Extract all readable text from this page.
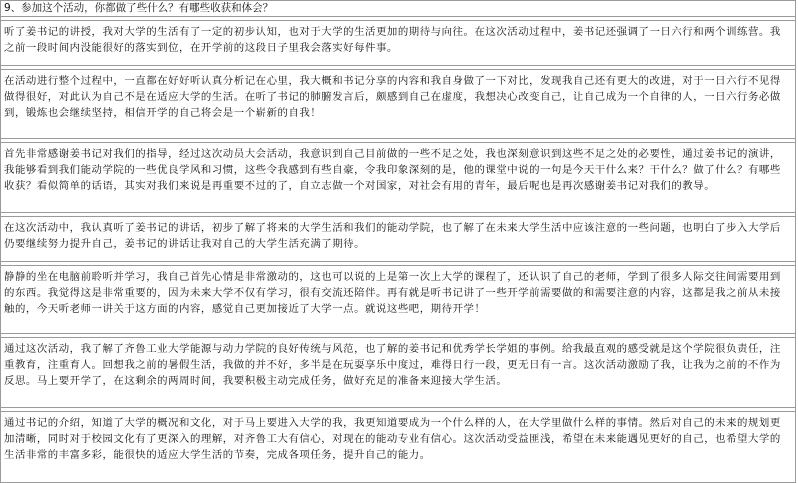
9、参加这个活动，你都做了些什么？有哪些收获和体会？
听了姜书记的讲授，我对大学的生活有了一定的初步认知，也对于大学的生活更加的期待与向往。在这次活动过程中，姜书记还强调了一日六行和两个训练营。我之前一段时间内没能很好的落实到位，在开学前的这段日子里我会落实好每件事。
在活动进行整个过程中，一直都在好好听认真分析记在心里，我大概和书记分享的内容和我自身做了一下对比，发现我自己还有更大的改进，对于一日六行不见得做得很好，对此认为自己不是在适应大学的生活。在听了书记的肺腑发言后，颇感到自己在虚度，我想决心改变自己，让自己成为一个自律的人，一日六行务必做到，锻炼也会继续坚持，相信开学的自己将会是一个崭新的自我！
首先非常感谢姜书记对我们的指导，经过这次动员大会活动，我意识到自己目前做的一些不足之处，我也深刻意识到这些不足之处的必要性，通过姜书记的演讲，我能够看到我们能动学院的一些优良学风和习惯，这些令我感到有些自豪，令我印象深刻的是，他的课堂中说的一句是今天干什么来？干什么？做了什么？有哪些收获？看似简单的话语，其实对我们来说是再重要不过的了，自立志做一个对国家，对社会有用的青年，最后呢也是再次感谢姜书记对我们的教导。
在这次活动中，我认真听了姜书记的讲话，初步了解了将来的大学生活和我们的能动学院，也了解了在未来大学生活中应该注意的一些问题，也明白了步入大学后仍要继续努力提升自己，姜书记的讲话让我对自己的大学生活充满了期待。
静静的坐在电脑前聆听并学习，我自己首先心情是非常激动的，这也可以说的上是第一次上大学的课程了，还认识了自己的老师，学到了很多人际交往间需要用到的东西。我觉得这是非常重要的，因为未来大学不仅有学习，很有交流还陪伴。再有就是听书记讲了一些开学前需要做的和需要注意的内容，这都是我之前从未接触的，今天听老师一讲关于这方面的内容，感觉自己更加接近了大学一点。就说这些吧，期待开学！
通过这次活动，我了解了齐鲁工业大学能源与动力学院的良好传统与风范，也了解的姜书记和优秀学长学姐的事例。给我最直观的感受就是这个学院很负责任，注重教育，注重育人。回想我之前的暑假生活，我做的并不好，多半是在玩耍享乐中度过，难得日行一段，更无日有一言。这次活动激励了我，让我为之前的不作为反思。马上要开学了，在这剩余的两周时间，我要积极主动完成任务，做好充足的准备来迎接大学生活。
通过书记的介绍，知道了大学的概况和文化，对于马上要进入大学的我，我更知道要成为一个什么样的人，在大学里做什么样的事情。然后对自己的未来的规划更加清晰，同时对于校园文化有了更深入的理解，对齐鲁工大有信心，对现在的能动专业有信心。这次活动受益匪浅，希望在未来能遇见更好的自己，也希望大学的生活非常的丰富多彩，能很快的适应大学生活的节奏，完成各项任务，提升自己的能力。
